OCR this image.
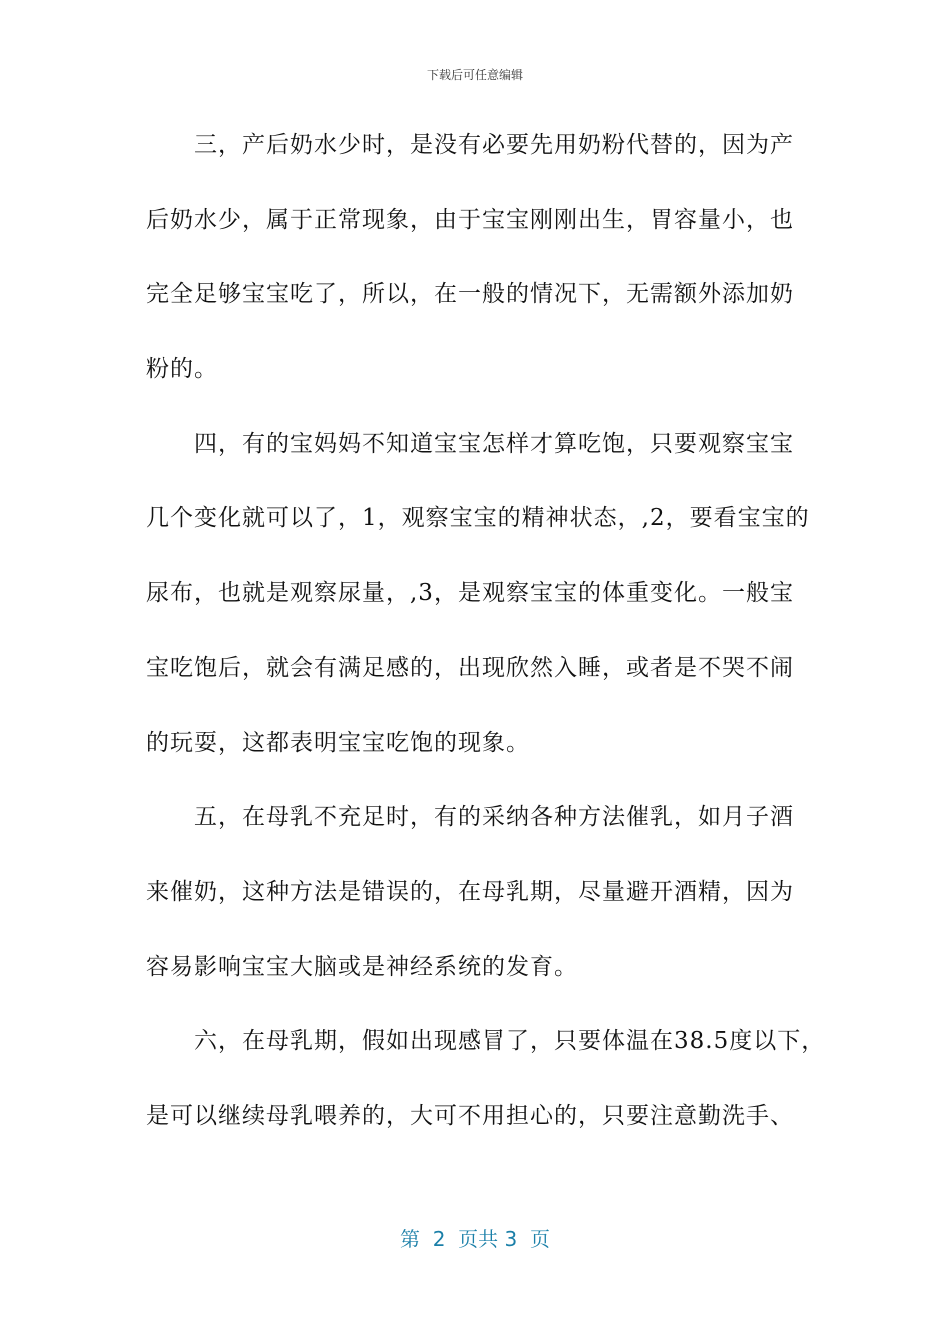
下载后可任意编辑
三，产后奶水少时，是没有必要先用奶粉代替的，因为产
后奶水少，属于正常现象，由于宝宝刚刚出生，胃容量小，也
完全足够宝宝吃了，所以，在一般的情况下，无需额外添加奶
粉的。
四，有的宝妈妈不知道宝宝怎样才算吃饱，只要观察宝宝
几个变化就可以了，1，观察宝宝的精神状态，,2，要看宝宝的
尿布，也就是观察尿量，,3，是观察宝宝的体重变化。一般宝
宝吃饱后，就会有满足感的，出现欣然入睡，或者是不哭不闹
的玩耍，这都表明宝宝吃饱的现象。
五，在母乳不充足时，有的采纳各种方法催乳，如月子酒
来催奶，这种方法是错误的，在母乳期，尽量避开酒精，因为
容易影响宝宝大脑或是神经系统的发育。
六，在母乳期，假如出现感冒了，只要体温在38.5度以下，
是可以继续母乳喂养的，大可不用担心的，只要注意勤洗手、
第  2  页共 3  页
